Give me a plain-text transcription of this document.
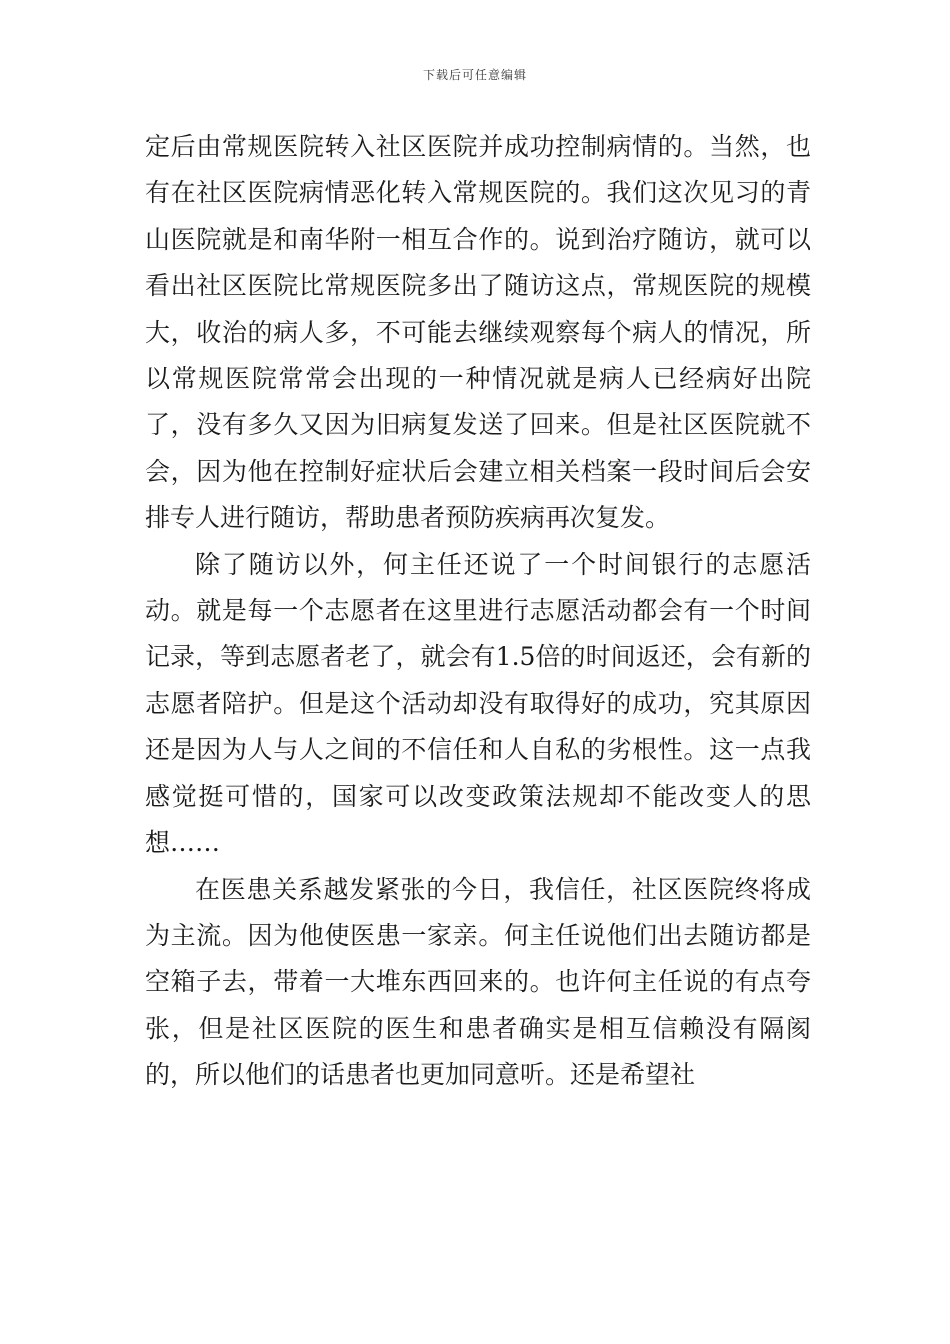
下载后可任意编辑

定后由常规医院转入社区医院并成功控制病情的。当然，也有在社区医院病情恶化转入常规医院的。我们这次见习的青山医院就是和南华附一相互合作的。说到治疗随访，就可以看出社区医院比常规医院多出了随访这点，常规医院的规模大，收治的病人多，不可能去继续观察每个病人的情况，所以常规医院常常会出现的一种情况就是病人已经病好出院了，没有多久又因为旧病复发送了回来。但是社区医院就不会，因为他在控制好症状后会建立相关档案一段时间后会安排专人进行随访，帮助患者预防疾病再次复发。

除了随访以外，何主任还说了一个时间银行的志愿活动。就是每一个志愿者在这里进行志愿活动都会有一个时间记录，等到志愿者老了，就会有1.5倍的时间返还，会有新的志愿者陪护。但是这个活动却没有取得好的成功，究其原因还是因为人与人之间的不信任和人自私的劣根性。这一点我感觉挺可惜的，国家可以改变政策法规却不能改变人的思想……

在医患关系越发紧张的今日，我信任，社区医院终将成为主流。因为他使医患一家亲。何主任说他们出去随访都是空箱子去，带着一大堆东西回来的。也许何主任说的有点夸张，但是社区医院的医生和患者确实是相互信赖没有隔阂的，所以他们的话患者也更加同意听。还是希望社
